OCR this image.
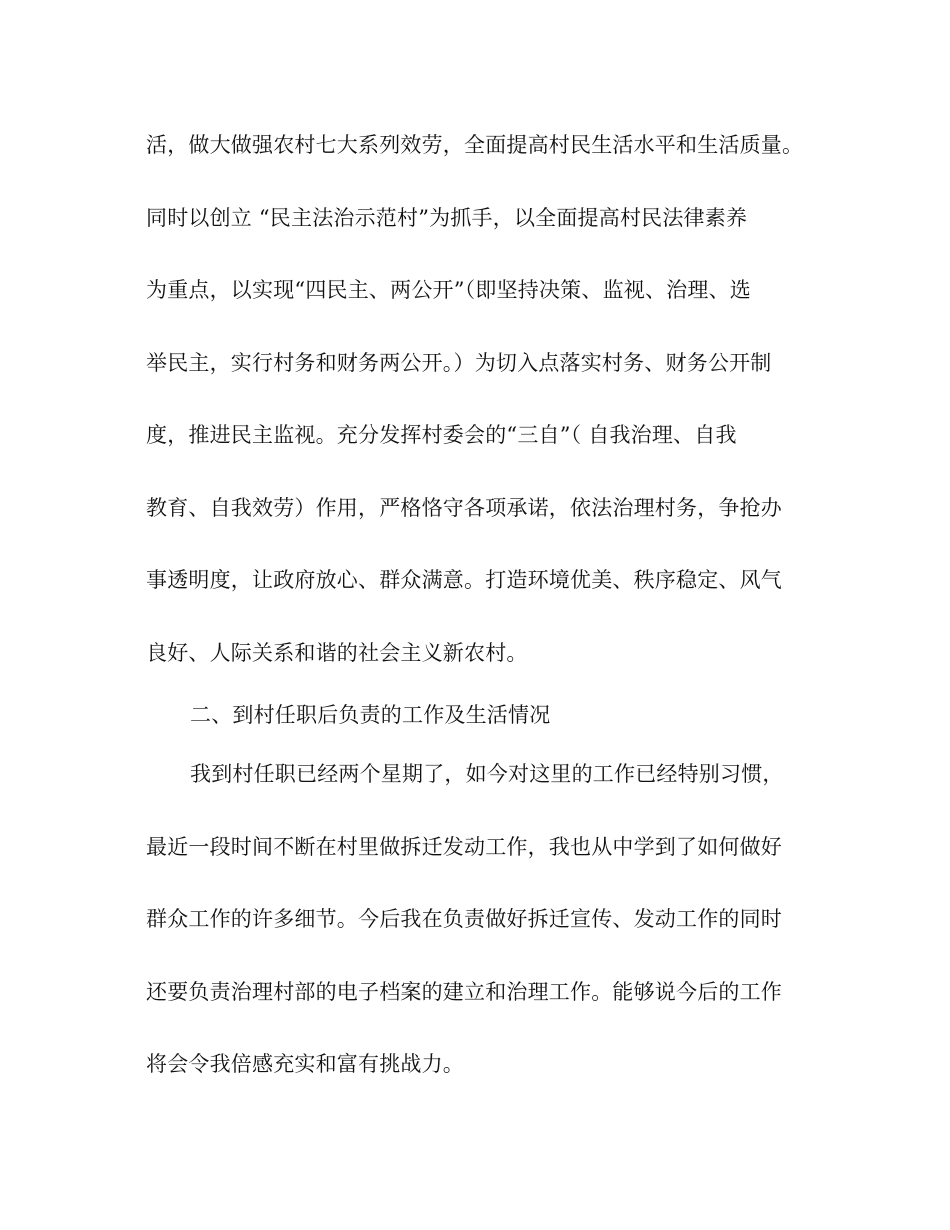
活，做大做强农村七大系列效劳，全面提高村民生活水平和生活质量。
同时以创立 “民主法治示范村”为抓手，以全面提高村民法律素养
为重点，以实现“四民主、两公开”（即坚持决策、监视、治理、选
举民主，实行村务和财务两公开。）为切入点落实村务、财务公开制
度，推进民主监视。充分发挥村委会的“三自”（ 自我治理、自我
教育、自我效劳）作用，严格恪守各项承诺，依法治理村务，争抢办
事透明度，让政府放心、群众满意。打造环境优美、秩序稳定、风气
良好、人际关系和谐的社会主义新农村。
二、到村任职后负责的工作及生活情况
我到村任职已经两个星期了，如今对这里的工作已经特别习惯，
最近一段时间不断在村里做拆迁发动工作，我也从中学到了如何做好
群众工作的许多细节。今后我在负责做好拆迁宣传、发动工作的同时
还要负责治理村部的电子档案的建立和治理工作。能够说今后的工作
将会令我倍感充实和富有挑战力。
